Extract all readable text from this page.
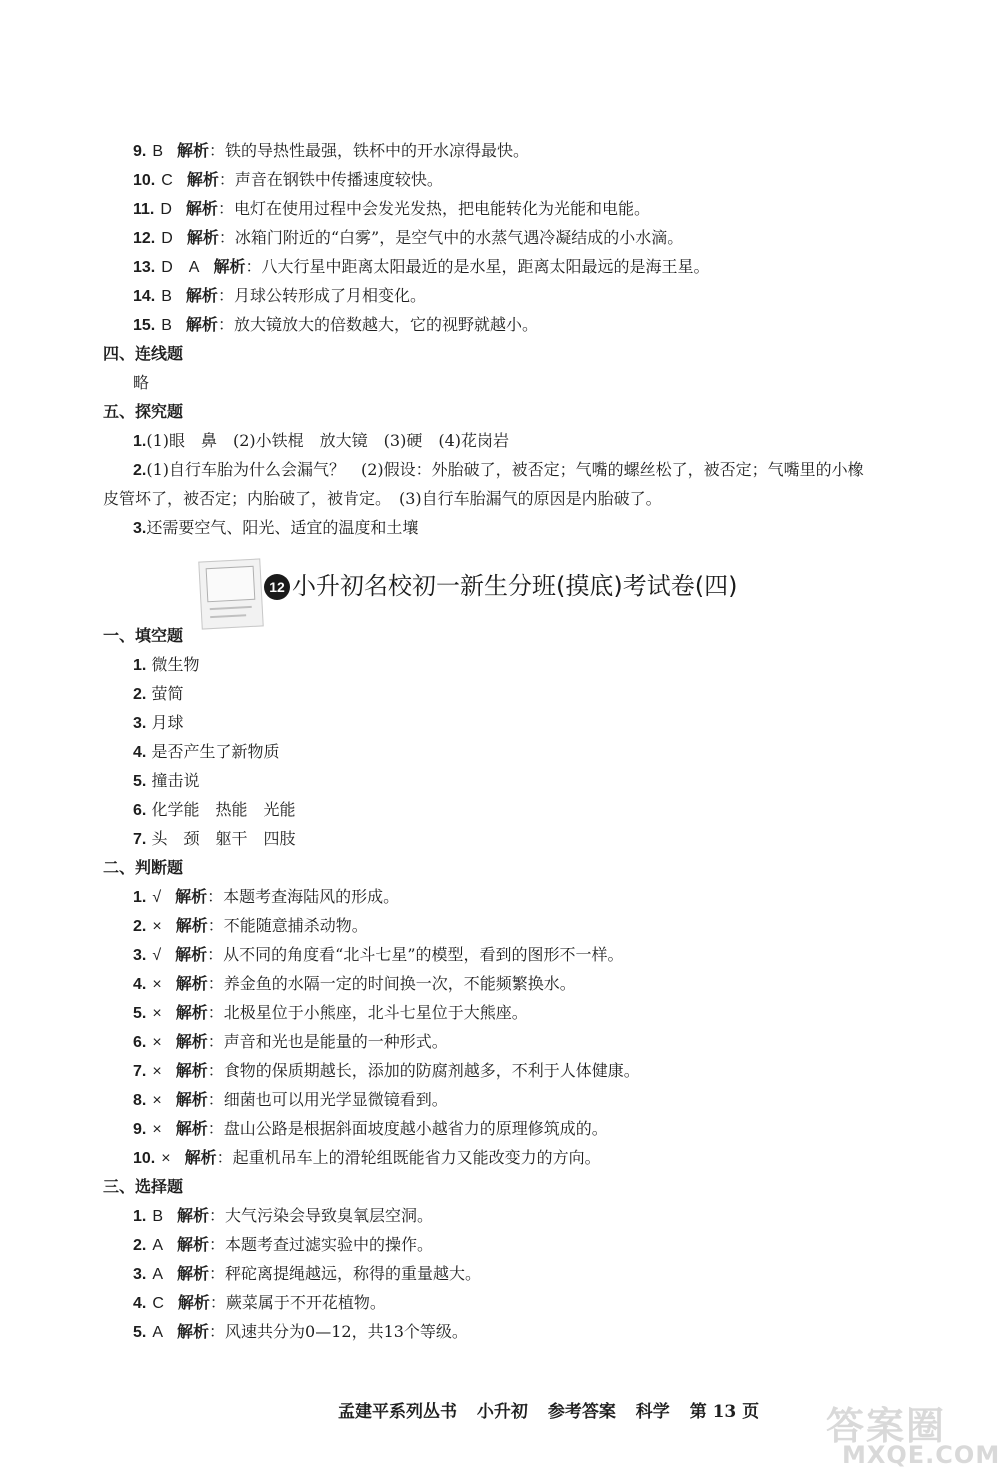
9. B 解析：铁的导热性最强，铁杯中的开水凉得最快。
10. C 解析：声音在钢铁中传播速度较快。
11. D 解析：电灯在使用过程中会发光发热，把电能转化为光能和电能。
12. D 解析：冰箱门附近的“白雾”，是空气中的水蒸气遇冷凝结成的小水滴。
13. D　A 解析：八大行星中距离太阳最近的是水星，距离太阳最远的是海王星。
14. B 解析：月球公转形成了月相变化。
15. B 解析：放大镜放大的倍数越大，它的视野就越小。
四、连线题
略
五、探究题
1.(1)眼　鼻　(2)小铁棍　放大镜　(3)硬　(4)花岗岩
2.(1)自行车胎为什么会漏气？　(2)假设：外胎破了，被否定；气嘴的螺丝松了，被否定；气嘴里的小橡
皮管坏了，被否定；内胎破了，被肯定。　(3)自行车胎漏气的原因是内胎破了。
3.还需要空气、阳光、适宜的温度和土壤
12 小升初名校初一新生分班(摸底)考试卷(四)
一、填空题
1. 微生物
2. 萤简
3. 月球
4. 是否产生了新物质
5. 撞击说
6. 化学能　热能　光能
7. 头　颈　躯干　四肢
二、判断题
1. √ 解析：本题考查海陆风的形成。
2. × 解析：不能随意捕杀动物。
3. √ 解析：从不同的角度看“北斗七星”的模型，看到的图形不一样。
4. × 解析：养金鱼的水隔一定的时间换一次，不能频繁换水。
5. × 解析：北极星位于小熊座，北斗七星位于大熊座。
6. × 解析：声音和光也是能量的一种形式。
7. × 解析：食物的保质期越长，添加的防腐剂越多，不利于人体健康。
8. × 解析：细菌也可以用光学显微镜看到。
9. × 解析：盘山公路是根据斜面坡度越小越省力的原理修筑成的。
10. × 解析：起重机吊车上的滑轮组既能省力又能改变力的方向。
三、选择题
1. B 解析：大气污染会导致臭氧层空洞。
2. A 解析：本题考查过滤实验中的操作。
3. A 解析：秤砣离提绳越远，称得的重量越大。
4. C 解析：蕨菜属于不开花植物。
5. A 解析：风速共分为0—12，共13个等级。
孟建平系列丛书 小升初 参考答案 科学 第 13 页	答案圈
MXQE.COM
